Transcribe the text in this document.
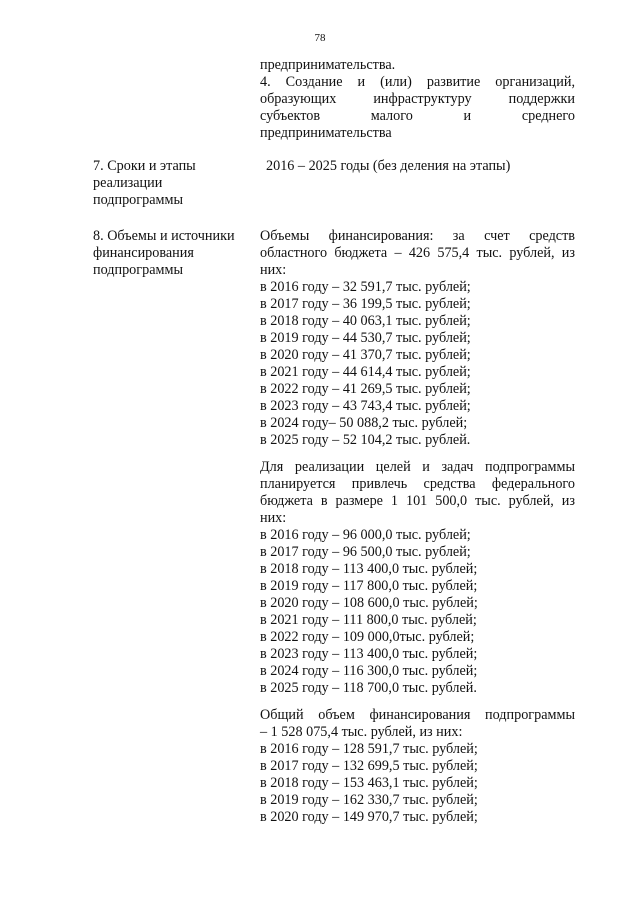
78

предпринимательства.

4. Создание и (или) развитие организаций,

образующих инфраструктуру поддержки

субъектов малого и среднего

предпринимательства

7. Сроки и этапы
реализации
подпрограммы
2016 – 2025 годы (без деления на этапы)
8. Объемы и источники
финансирования
подпрограммы

Объемы финансирования: за счет средств

областного бюджета – 426 575,4 тыс. рублей, из

них:

в 2016 году – 32 591,7 тыс. рублей;
в 2017 году – 36 199,5 тыс. рублей;
в 2018 году – 40 063,1 тыс. рублей;
в 2019 году – 44 530,7 тыс. рублей;
в 2020 году – 41 370,7 тыс. рублей;
в 2021 году – 44 614,4 тыс. рублей;
в 2022 году – 41 269,5 тыс. рублей;
в 2023 году – 43 743,4 тыс. рублей;
в 2024 году– 50 088,2 тыс. рублей;
в 2025 году – 52 104,2 тыс. рублей.

Для реализации целей и задач подпрограммы

планируется привлечь средства федерального

бюджета в размере 1 101 500,0 тыс. рублей, из

них:

в 2016 году – 96 000,0 тыс. рублей;
в 2017 году – 96 500,0 тыс. рублей;
в 2018 году – 113 400,0 тыс. рублей;
в 2019 году – 117 800,0 тыс. рублей;
в 2020 году – 108 600,0 тыс. рублей;
в 2021 году – 111 800,0 тыс. рублей;
в 2022 году – 109 000,0тыс. рублей;
в 2023 году – 113 400,0 тыс. рублей;
в 2024 году – 116 300,0 тыс. рублей;
в 2025 году – 118 700,0 тыс. рублей.

Общий объем финансирования подпрограммы

– 1 528 075,4 тыс. рублей, из них:

в 2016 году – 128 591,7 тыс. рублей;
в 2017 году – 132 699,5 тыс. рублей;
в 2018 году – 153 463,1 тыс. рублей;
в 2019 году – 162 330,7 тыс. рублей;
в 2020 году – 149 970,7 тыс. рублей;
